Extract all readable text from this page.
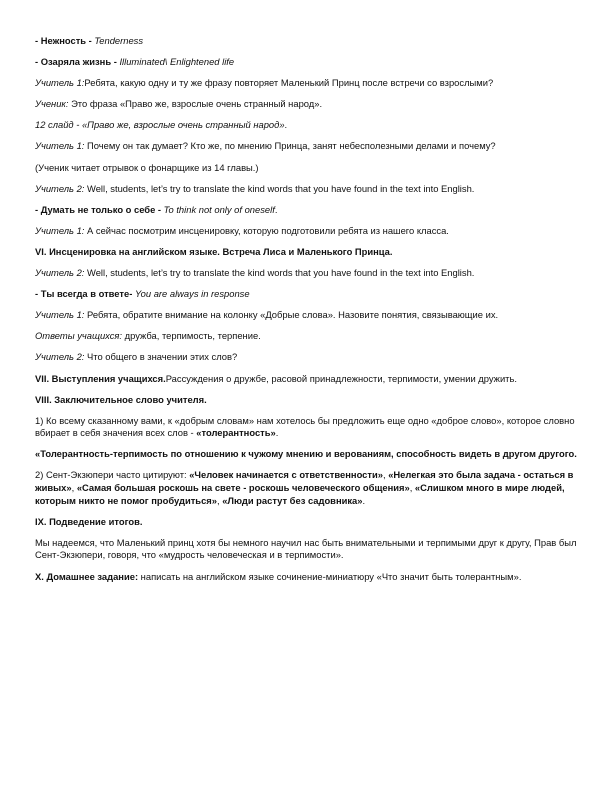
- Нежность - Tenderness

- Озаряла жизнь - Illuminated\ Enlightened life

Учитель 1:Ребята, какую одну и ту же фразу повторяет Маленький Принц после встречи со взрослыми?

Ученик: Это фраза «Право же, взрослые очень странный народ».

12 слайд - «Право же, взрослые очень странный народ».

Учитель 1: Почему он так думает? Кто же, по мнению Принца, занят небесполезными делами и почему?

(Ученик читает отрывок о фонарщике из 14 главы.)

Учитель 2: Well, students, let’s try to translate the kind words that you have found in the text into English.

- Думать не только о себе - To think not only of oneself.

Учитель 1: А сейчас посмотрим инсценировку, которую подготовили ребята из нашего класса.

VI. Инсценировка на английском языке. Встреча Лиса и Маленького Принца.

Учитель 2: Well, students, let’s try to translate the kind words that you have found in the text into English.

- Ты всегда в ответе- You are always in response

Учитель 1: Ребята, обратите внимание на колонку «Добрые слова». Назовите понятия, связывающие их.

Ответы учащихся: дружба, терпимость, терпение.

Учитель 2: Что общего в значении этих слов?

VII. Выступления учащихся.Рассуждения о дружбе, расовой принадлежности, терпимости, умении дружить.

VIII. Заключительное слово учителя.

1) Ко всему сказанному вами, к «добрым словам» нам хотелось бы предложить еще одно «доброе слово», которое словно вбирает в себя значения всех слов - «толерантность».

«Толерантность-терпимость по отношению к чужому мнению и верованиям, способность видеть в другом другого.

2) Сент-Экзюпери часто цитируют: «Человек начинается с ответственности», «Нелегкая это была задача - остаться в живых», «Самая большая роскошь на свете - роскошь человеческого общения», «Слишком много в мире людей, которым никто не помог пробудиться», «Люди растут без садовника».

IX. Подведение итогов.

Мы надеемся, что Маленький принц хотя бы немного научил нас быть внимательными и терпимыми друг к другу, Прав был Сент-Экзюпери, говоря, что «мудрость человеческая и в терпимости».

X. Домашнее задание: написать на английском языке сочинение-миниатюру «Что значит быть толерантным».
